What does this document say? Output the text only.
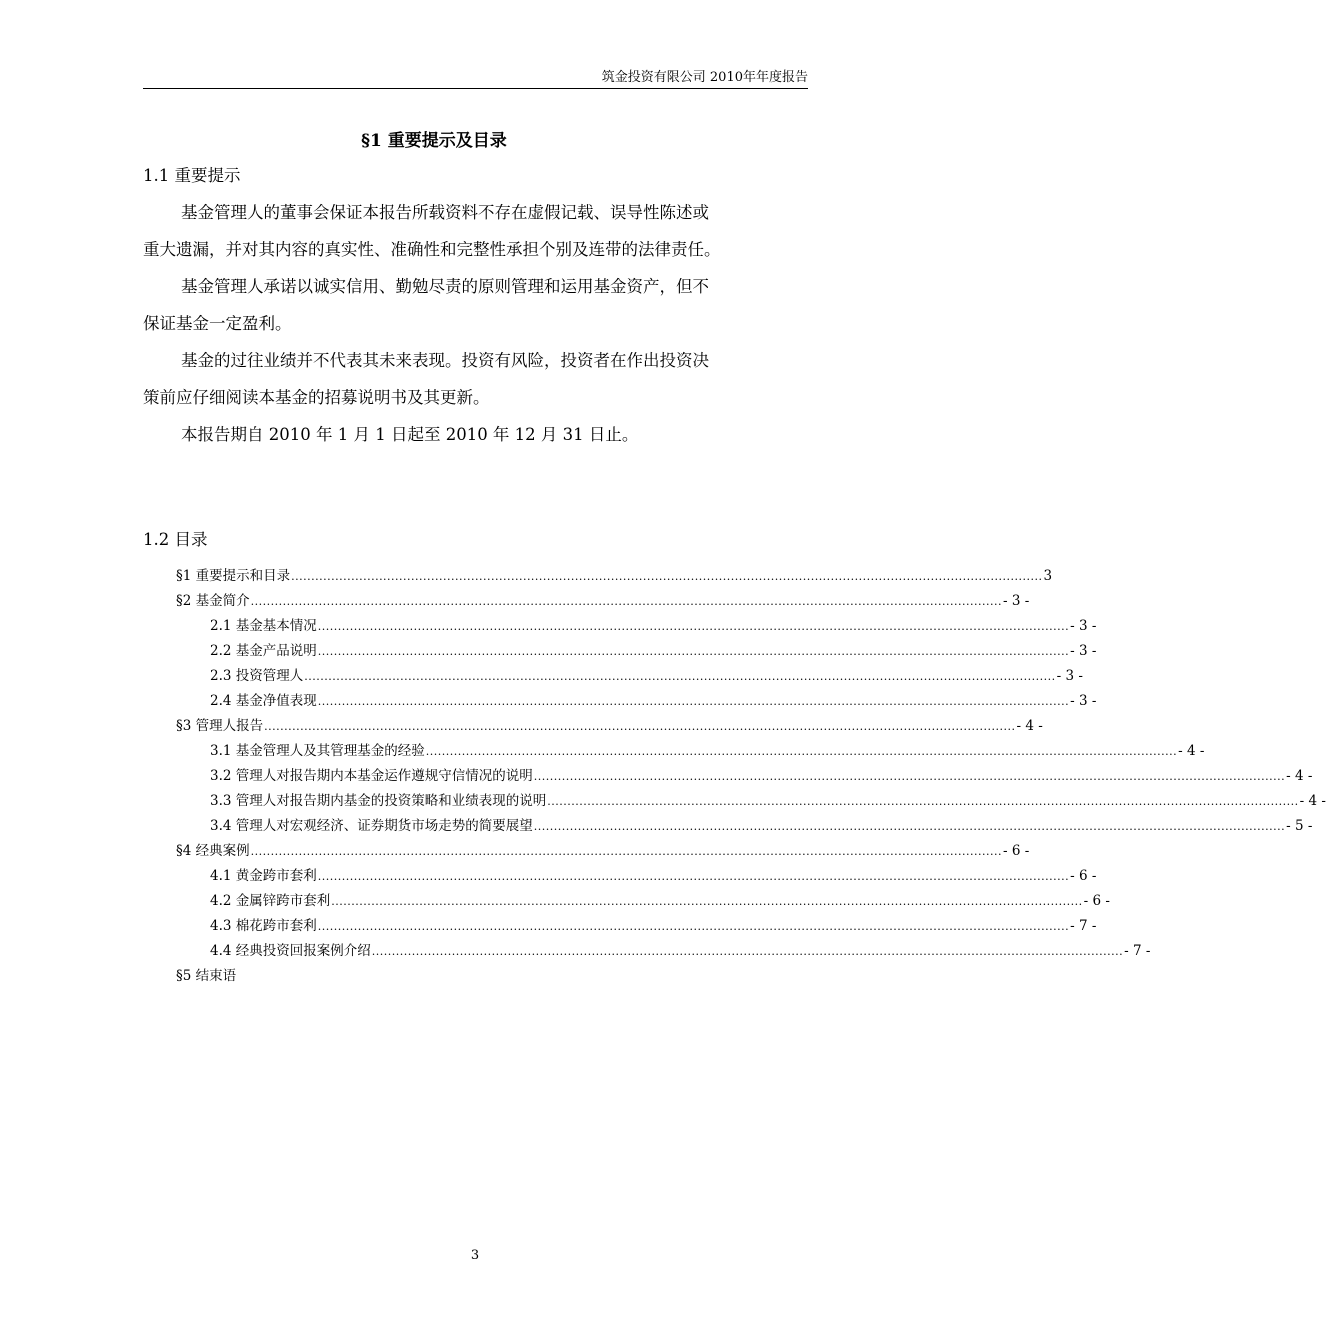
筑金投资有限公司 2010年年度报告
§1 重要提示及目录
1.1 重要提示
基金管理人的董事会保证本报告所载资料不存在虚假记载、误导性陈述或
重大遗漏，并对其内容的真实性、准确性和完整性承担个别及连带的法律责任。
基金管理人承诺以诚实信用、勤勉尽责的原则管理和运用基金资产，但不
保证基金一定盈利。
基金的过往业绩并不代表其未来表现。投资有风险，投资者在作出投资决
策前应仔细阅读本基金的招募说明书及其更新。
本报告期自 2010 年 1 月 1 日起至 2010 年 12 月 31 日止。
1.2 目录
§1 重要提示和目录 ............................................................................................................................................................................................ 3
§2 基金简介 ............................................................................................................................................................................................ - 3 -
2.1 基金基本情况 ............................................................................................................................................................................................ - 3 -
2.2 基金产品说明 ............................................................................................................................................................................................ - 3 -
2.3 投资管理人 ............................................................................................................................................................................................ - 3 -
2.4 基金净值表现 ............................................................................................................................................................................................ - 3 -
§3 管理人报告 ............................................................................................................................................................................................ - 4 -
3.1 基金管理人及其管理基金的经验 ............................................................................................................................................................................................ - 4 -
3.2 管理人对报告期内本基金运作遵规守信情况的说明 ............................................................................................................................................................................................ - 4 -
3.3 管理人对报告期内基金的投资策略和业绩表现的说明 ............................................................................................................................................................................................ - 4 -
3.4 管理人对宏观经济、证券期货市场走势的简要展望 ............................................................................................................................................................................................ - 5 -
§4 经典案例 ............................................................................................................................................................................................ - 6 -
4.1 黄金跨市套利 ............................................................................................................................................................................................ - 6 -
4.2 金属锌跨市套利 ............................................................................................................................................................................................ - 6 -
4.3 棉花跨市套利 ............................................................................................................................................................................................ - 7 -
4.4 经典投资回报案例介绍 ............................................................................................................................................................................................ - 7 -
§5 结束语
3
